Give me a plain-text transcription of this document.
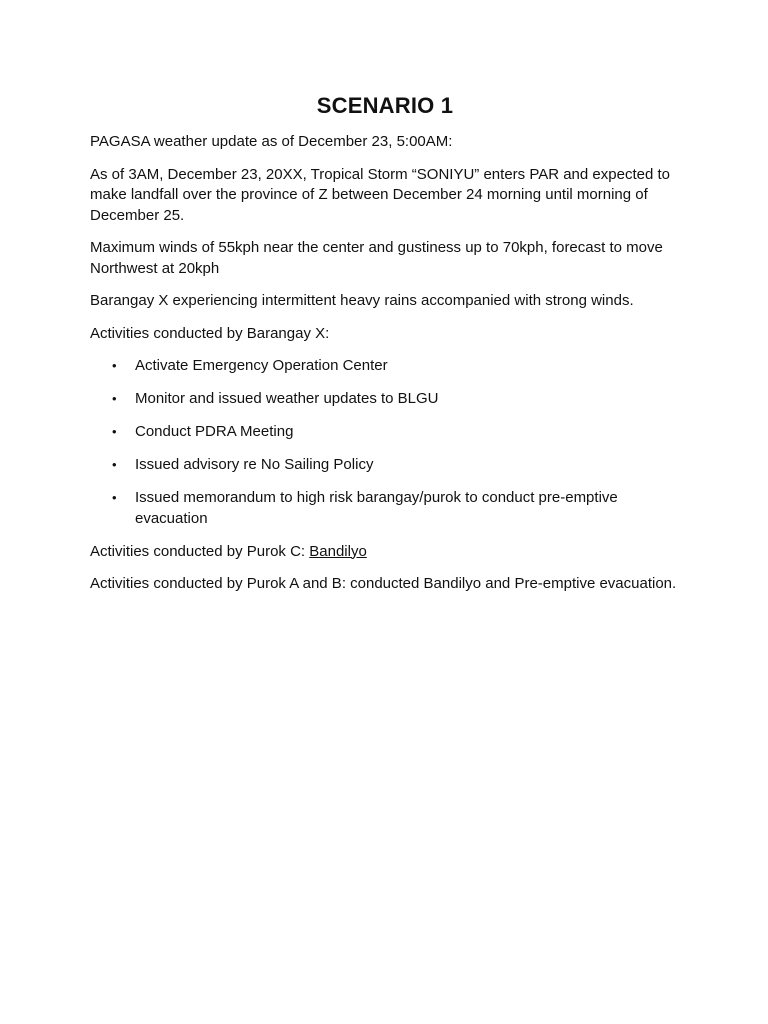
SCENARIO 1

PAGASA weather update as of December 23, 5:00AM:

As of 3AM, December 23, 20XX, Tropical Storm “SONIYU” enters PAR and expected to make landfall over the province of Z between December 24 morning until morning of December 25.

Maximum winds of 55kph near the center and gustiness up to 70kph, forecast to move Northwest at 20kph

Barangay X experiencing intermittent heavy rains accompanied with strong winds.

Activities conducted by Barangay X:

• Activate Emergency Operation Center
• Monitor and issued weather updates to BLGU
• Conduct PDRA Meeting
• Issued advisory re No Sailing Policy
• Issued memorandum to high risk barangay/purok to conduct pre-emptive evacuation

Activities conducted by Purok C: Bandilyo

Activities conducted by Purok A and B: conducted Bandilyo and Pre-emptive evacuation.
